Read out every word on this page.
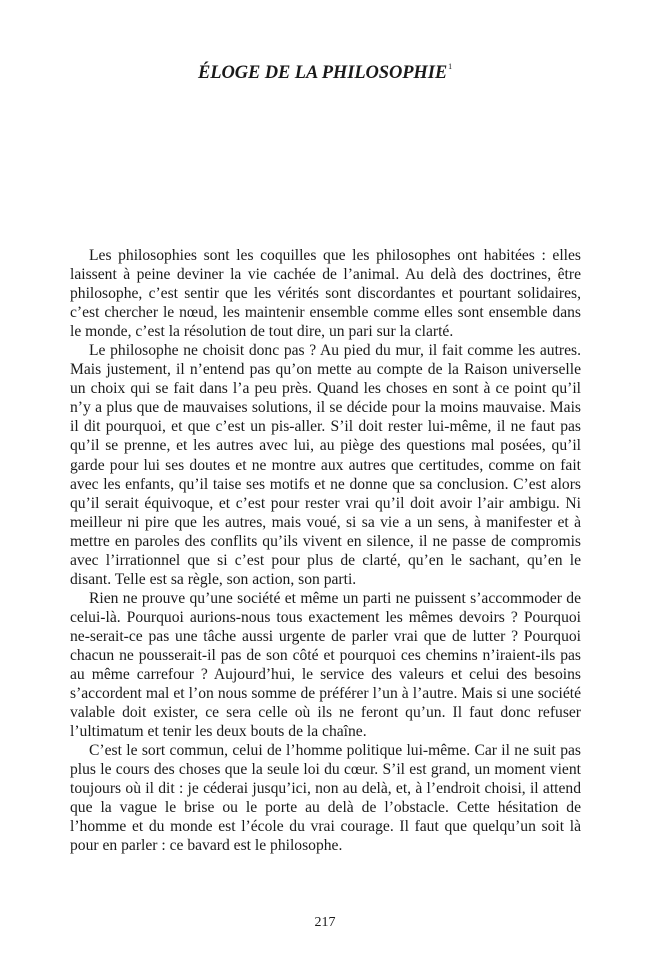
ÉLOGE DE LA PHILOSOPHIE$^1$

Les philosophies sont les coquilles que les philosophes ont habitées : elles laissent à peine deviner la vie cachée de l’animal. Au delà des doctrines, être philosophe, c’est sentir que les vérités sont discordantes et pourtant solidaires, c’est chercher le nœud, les maintenir ensemble comme elles sont ensemble dans le monde, c’est la résolution de tout dire, un pari sur la clarté.

Le philosophe ne choisit donc pas ? Au pied du mur, il fait comme les autres. Mais justement, il n’entend pas qu’on mette au compte de la Raison universelle un choix qui se fait dans l’a peu près. Quand les choses en sont à ce point qu’il n’y a plus que de mauvaises solutions, il se décide pour la moins mauvaise. Mais il dit pourquoi, et que c’est un pis-aller. S’il doit rester lui-même, il ne faut pas qu’il se prenne, et les autres avec lui, au piège des questions mal posées, qu’il garde pour lui ses doutes et ne montre aux autres que certitudes, comme on fait avec les enfants, qu’il taise ses motifs et ne donne que sa conclusion. C’est alors qu’il serait équivoque, et c’est pour rester vrai qu’il doit avoir l’air ambigu. Ni meilleur ni pire que les autres, mais voué, si sa vie a un sens, à manifester et à mettre en paroles des conflits qu’ils vivent en silence, il ne passe de compromis avec l’irrationnel que si c’est pour plus de clarté, qu’en le sachant, qu’en le disant. Telle est sa règle, son action, son parti.

Rien ne prouve qu’une société et même un parti ne puissent s’accommoder de celui-là. Pourquoi aurions-nous tous exactement les mêmes devoirs ? Pourquoi ne-serait-ce pas une tâche aussi urgente de parler vrai que de lutter ? Pourquoi chacun ne pousserait-il pas de son côté et pourquoi ces chemins n’iraient-ils pas au même carrefour ? Aujourd’hui, le service des valeurs et celui des besoins s’accordent mal et l’on nous somme de préférer l’un à l’autre. Mais si une société valable doit exister, ce sera celle où ils ne feront qu’un. Il faut donc refuser l’ultimatum et tenir les deux bouts de la chaîne.

C’est le sort commun, celui de l’homme politique lui-même. Car il ne suit pas plus le cours des choses que la seule loi du cœur. S’il est grand, un moment vient toujours où il dit : je céderai jusqu’ici, non au delà, et, à l’endroit choisi, il attend que la vague le brise ou le porte au delà de l’obstacle. Cette hésitation de l’homme et du monde est l’école du vrai courage. Il faut que quelqu’un soit là pour en parler : ce bavard est le philosophe.

217
